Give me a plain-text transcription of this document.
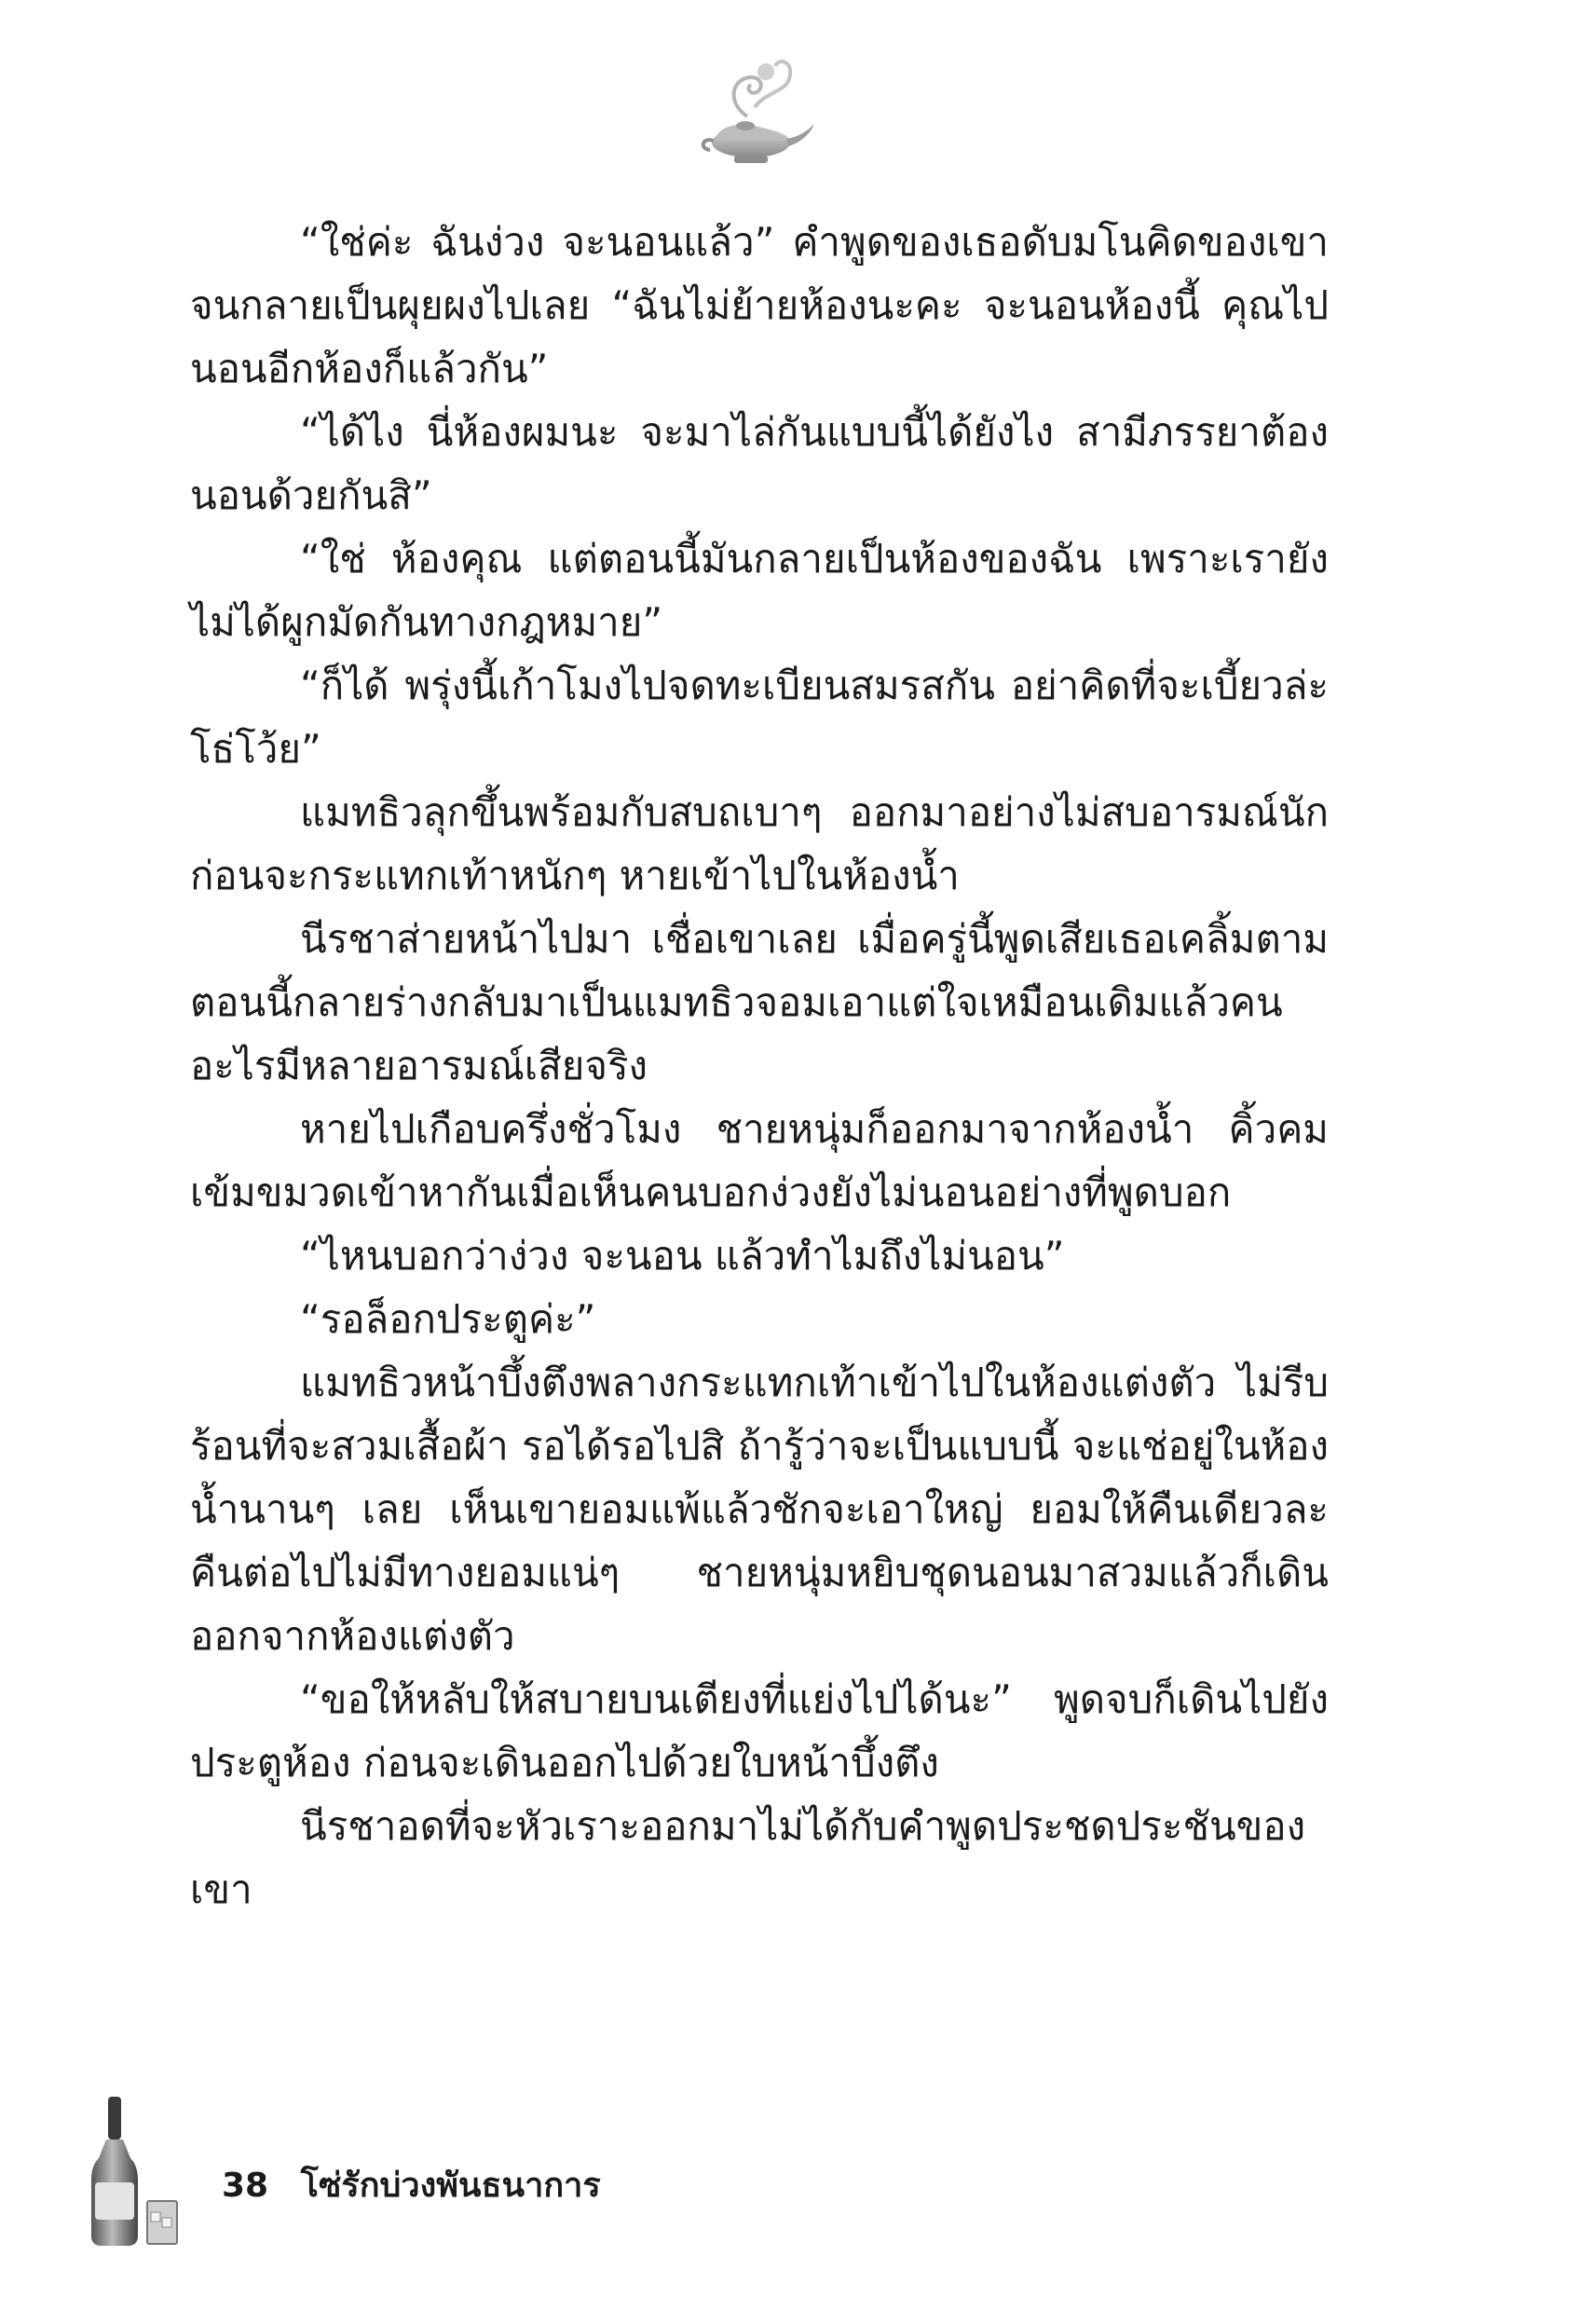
“ใช่ค่ะ ฉันง่วง จะนอนแล้ว” คำพูดของเธอดับมโนคิดของเขาจนกลายเป็นผุยผงไปเลย “ฉันไม่ย้ายห้องนะคะ จะนอนห้องนี้ คุณไปนอนอีกห้องก็แล้วกัน”

“ได้ไง นี่ห้องผมนะ จะมาไล่กันแบบนี้ได้ยังไง สามีภรรยาต้องนอนด้วยกันสิ”

“ใช่ ห้องคุณ แต่ตอนนี้มันกลายเป็นห้องของฉัน เพราะเรายังไม่ได้ผูกมัดกันทางกฎหมาย”

“ก็ได้ พรุ่งนี้เก้าโมงไปจดทะเบียนสมรสกัน อย่าคิดที่จะเบี้ยวล่ะโธ่โว้ย”

แมทธิวลุกขึ้นพร้อมกับสบถเบาๆ ออกมาอย่างไม่สบอารมณ์นักก่อนจะกระแทกเท้าหนักๆ หายเข้าไปในห้องน้ำ

นีรชาส่ายหน้าไปมา เชื่อเขาเลย เมื่อครู่นี้พูดเสียเธอเคลิ้มตามตอนนี้กลายร่างกลับมาเป็นแมทธิวจอมเอาแต่ใจเหมือนเดิมแล้วคนอะไรมีหลายอารมณ์เสียจริง

หายไปเกือบครึ่งชั่วโมง ชายหนุ่มก็ออกมาจากห้องน้ำ คิ้วคมเข้มขมวดเข้าหากันเมื่อเห็นคนบอกง่วงยังไม่นอนอย่างที่พูดบอก

“ไหนบอกว่าง่วง จะนอน แล้วทำไมถึงไม่นอน”

“รอล็อกประตูค่ะ”

แมทธิวหน้าบึ้งตึงพลางกระแทกเท้าเข้าไปในห้องแต่งตัว ไม่รีบร้อนที่จะสวมเสื้อผ้า รอได้รอไปสิ ถ้ารู้ว่าจะเป็นแบบนี้ จะแช่อยู่ในห้องน้ำนานๆ เลย เห็นเขายอมแพ้แล้วชักจะเอาใหญ่ ยอมให้คืนเดียวละคืนต่อไปไม่มีทางยอมแน่ๆ ชายหนุ่มหยิบชุดนอนมาสวมแล้วก็เดินออกจากห้องแต่งตัว

“ขอให้หลับให้สบายบนเตียงที่แย่งไปได้นะ” พูดจบก็เดินไปยังประตูห้อง ก่อนจะเดินออกไปด้วยใบหน้าบึ้งตึง

นีรชาอดที่จะหัวเราะออกมาไม่ได้กับคำพูดประชดประชันของเขา

38 โซ่รักบ่วงพันธนาการ
